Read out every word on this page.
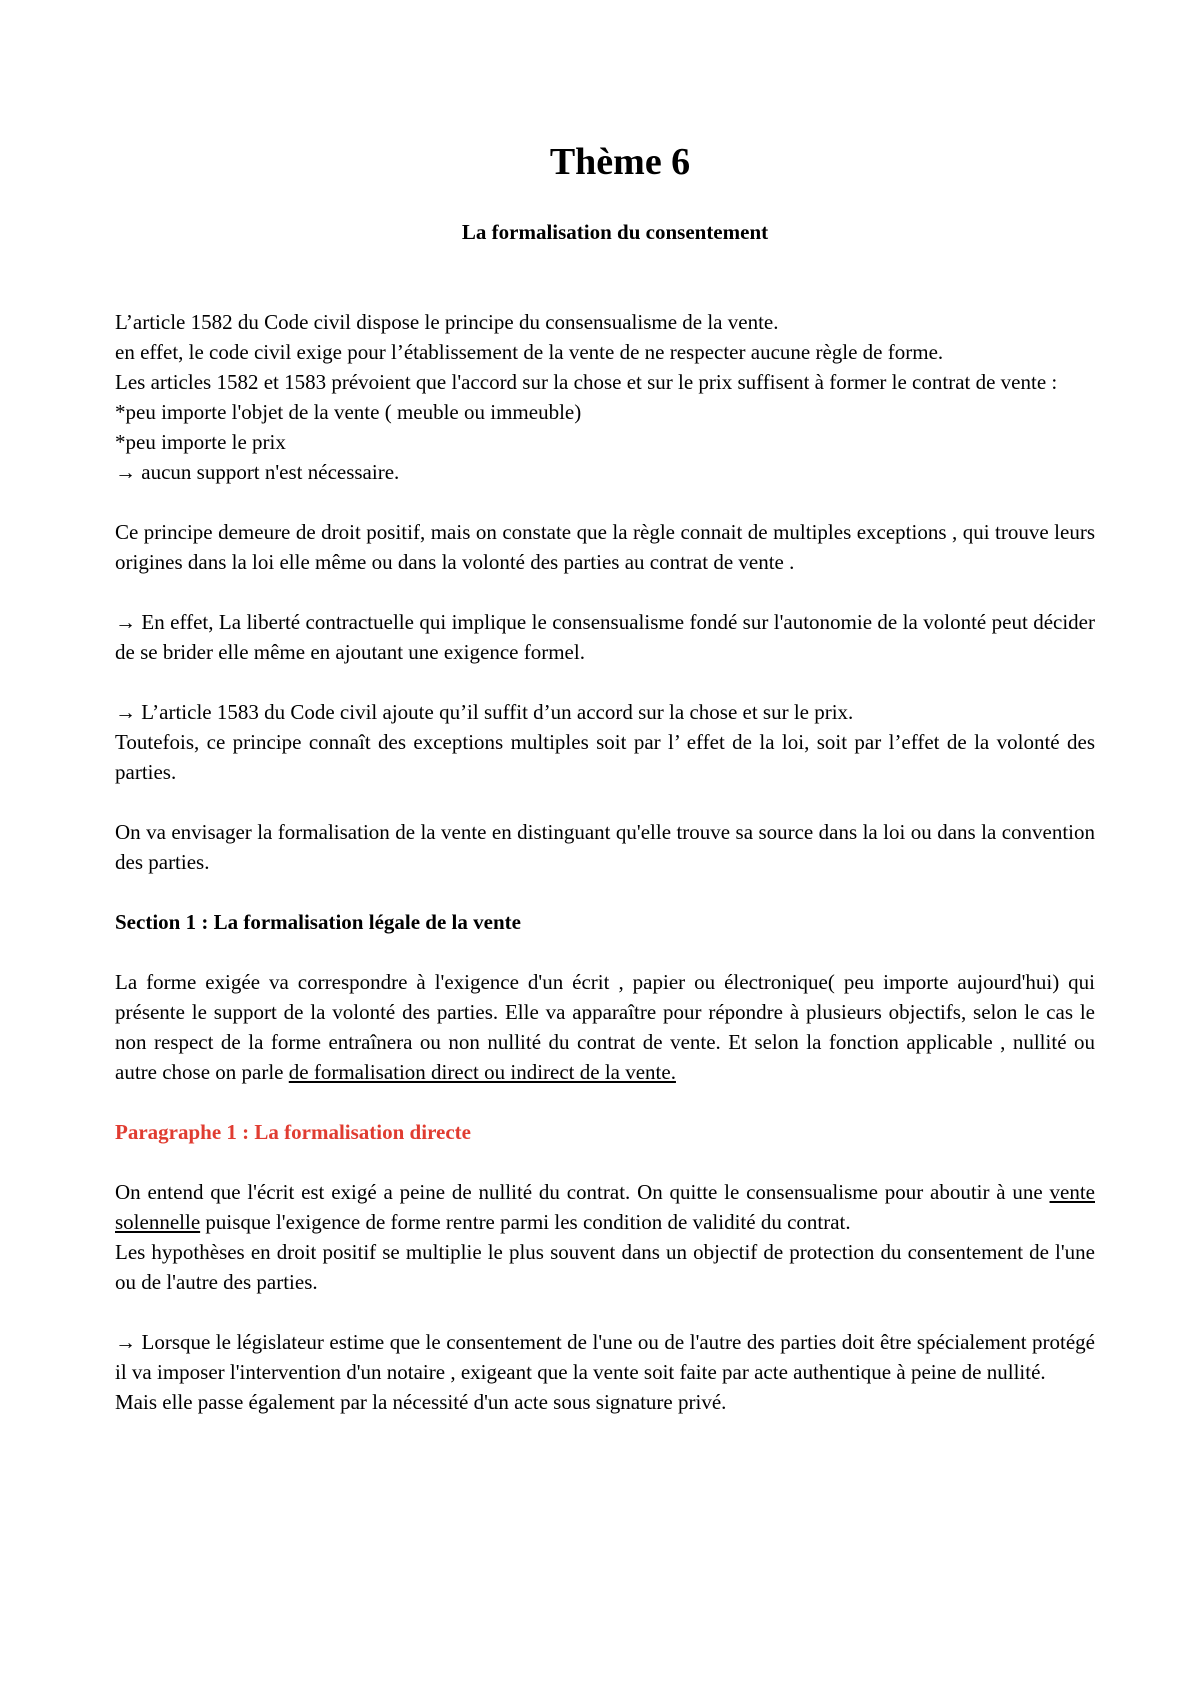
Thème 6

La formalisation du consentement

L’article 1582 du Code civil dispose le principe du consensualisme de la vente.

en effet, le code civil exige pour l’établissement de la vente de ne respecter aucune règle de forme.

Les articles 1582 et 1583 prévoient que l'accord sur la chose et sur le prix suffisent à former le contrat de vente :

*peu importe l'objet de la vente ( meuble ou immeuble)

*peu importe le prix

→ aucun support n'est nécessaire.

Ce principe demeure de droit positif, mais on constate que la règle connait de multiples exceptions , qui trouve leurs origines dans la loi elle même ou dans la volonté des parties au contrat de vente .

→ En effet, La liberté contractuelle qui implique le consensualisme fondé sur l'autonomie de la volonté peut décider de se brider elle même en ajoutant une exigence formel.

→ L’article 1583 du Code civil ajoute qu’il suffit d’un accord sur la chose et sur le prix.

Toutefois, ce principe connaît des exceptions multiples soit par l’ effet de la loi, soit par l’effet de la volonté des parties.

On va envisager la formalisation de la vente en distinguant qu'elle trouve sa source dans la loi ou dans la convention des parties.

Section 1 : La formalisation légale de la vente

La forme exigée va correspondre à l'exigence d'un écrit , papier ou électronique( peu importe aujourd'hui) qui présente le support de la volonté des parties. Elle va apparaître pour répondre à plusieurs objectifs, selon le cas le non respect de la forme entraînera ou non nullité du contrat de vente. Et selon la fonction applicable , nullité ou autre chose on parle de formalisation direct ou indirect de la vente.

Paragraphe 1 : La formalisation directe

On entend que l'écrit est exigé a peine de nullité du contrat. On quitte le consensualisme pour aboutir à une vente solennelle puisque l'exigence de forme rentre parmi les condition de validité du contrat.

Les hypothèses en droit positif se multiplie le plus souvent dans un objectif de protection du consentement de l'une ou de l'autre des parties.

→ Lorsque le législateur estime que le consentement de l'une ou de l'autre des parties doit être spécialement protégé il va imposer l'intervention d'un notaire , exigeant que la vente soit faite par acte authentique à peine de nullité.

Mais elle passe également par la nécessité d'un acte sous signature privé.
